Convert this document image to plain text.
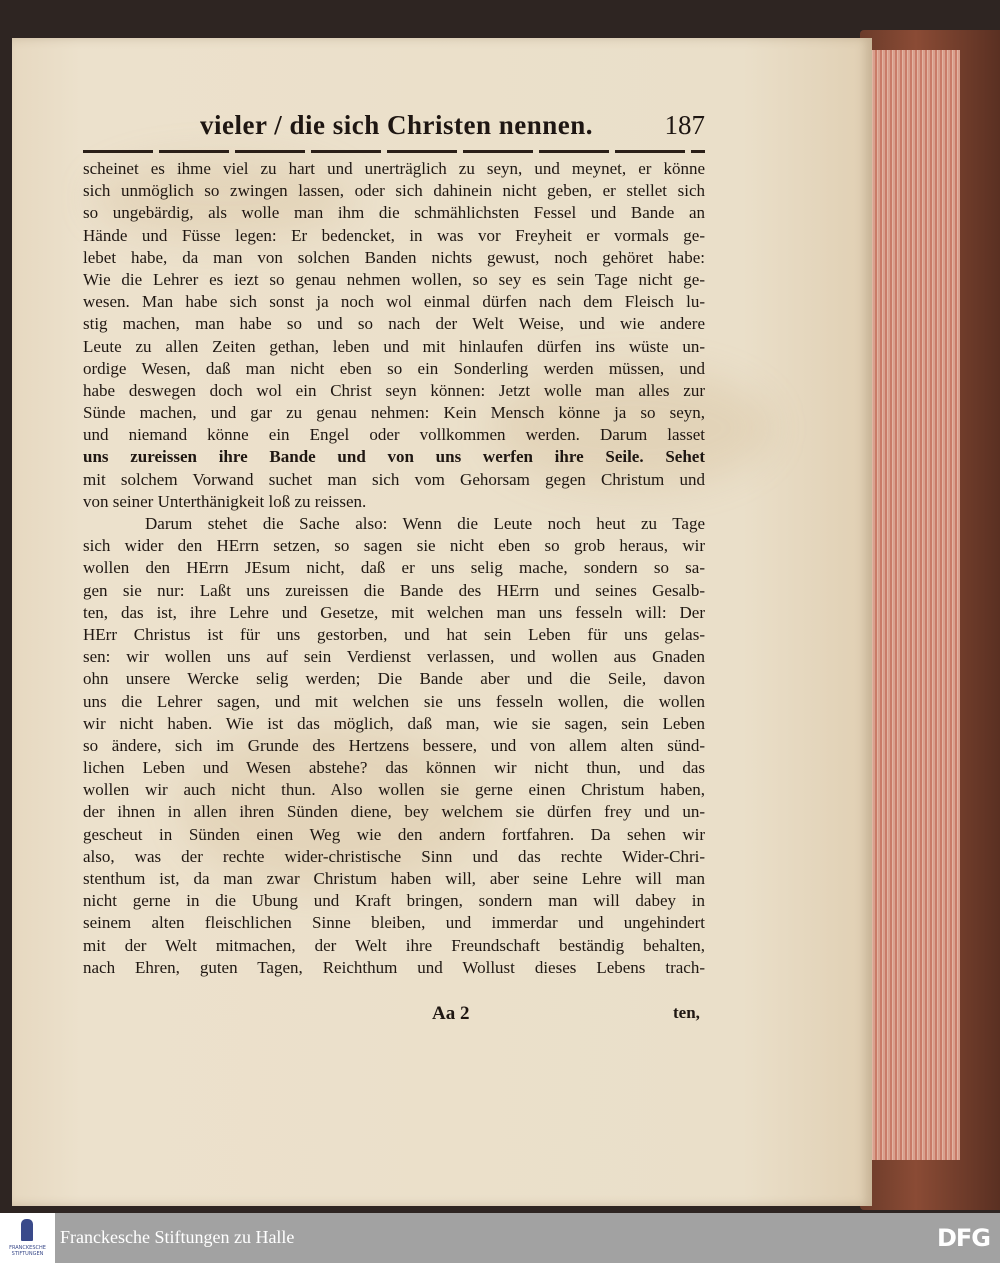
vieler / die sich Christen nennen.	187
scheinet es ihme viel zu hart und unerträglich zu seyn, und meynet, er könne
sich unmöglich so zwingen lassen, oder sich dahinein nicht geben, er stellet sich
so ungebärdig, als wolle man ihm die schmählichsten Fessel und Bande an
Hände und Füsse legen: Er bedencket, in was vor Freyheit er vormals ge-
lebet habe, da man von solchen Banden nichts gewust, noch gehöret habe:
Wie die Lehrer es iezt so genau nehmen wollen, so sey es sein Tage nicht ge-
wesen. Man habe sich sonst ja noch wol einmal dürfen nach dem Fleisch lu-
stig machen, man habe so und so nach der Welt Weise, und wie andere
Leute zu allen Zeiten gethan, leben und mit hinlaufen dürfen ins wüste un-
ordige Wesen, daß man nicht eben so ein Sonderling werden müssen, und
habe deswegen doch wol ein Christ seyn können: Jetzt wolle man alles zur
Sünde machen, und gar zu genau nehmen: Kein Mensch könne ja so seyn,
und niemand könne ein Engel oder vollkommen werden. Darum lasset
uns zureissen ihre Bande und von uns werfen ihre Seile. Sehet
mit solchem Vorwand suchet man sich vom Gehorsam gegen Christum und
von seiner Unterthänigkeit loß zu reissen.
Darum stehet die Sache also: Wenn die Leute noch heut zu Tage
sich wider den HErrn setzen, so sagen sie nicht eben so grob heraus, wir
wollen den HErrn JEsum nicht, daß er uns selig mache, sondern so sa-
gen sie nur: Laßt uns zureissen die Bande des HErrn und seines Gesalb-
ten, das ist, ihre Lehre und Gesetze, mit welchen man uns fesseln will: Der
HErr Christus ist für uns gestorben, und hat sein Leben für uns gelas-
sen: wir wollen uns auf sein Verdienst verlassen, und wollen aus Gnaden
ohn unsere Wercke selig werden; Die Bande aber und die Seile, davon
uns die Lehrer sagen, und mit welchen sie uns fesseln wollen, die wollen
wir nicht haben. Wie ist das möglich, daß man, wie sie sagen, sein Leben
so ändere, sich im Grunde des Hertzens bessere, und von allem alten sünd-
lichen Leben und Wesen abstehe? das können wir nicht thun, und das
wollen wir auch nicht thun. Also wollen sie gerne einen Christum haben,
der ihnen in allen ihren Sünden diene, bey welchem sie dürfen frey und un-
gescheut in Sünden einen Weg wie den andern fortfahren. Da sehen wir
also, was der rechte wider-christische Sinn und das rechte Wider-Chri-
stenthum ist, da man zwar Christum haben will, aber seine Lehre will man
nicht gerne in die Ubung und Kraft bringen, sondern man will dabey in
seinem alten fleischlichen Sinne bleiben, und immerdar und ungehindert
mit der Welt mitmachen, der Welt ihre Freundschaft beständig behalten,
nach Ehren, guten Tagen, Reichthum und Wollust dieses Lebens trach-
Aa 2	ten,
FRANCKESCHE STIFTUNGEN
Franckesche Stiftungen zu Halle	DFG
